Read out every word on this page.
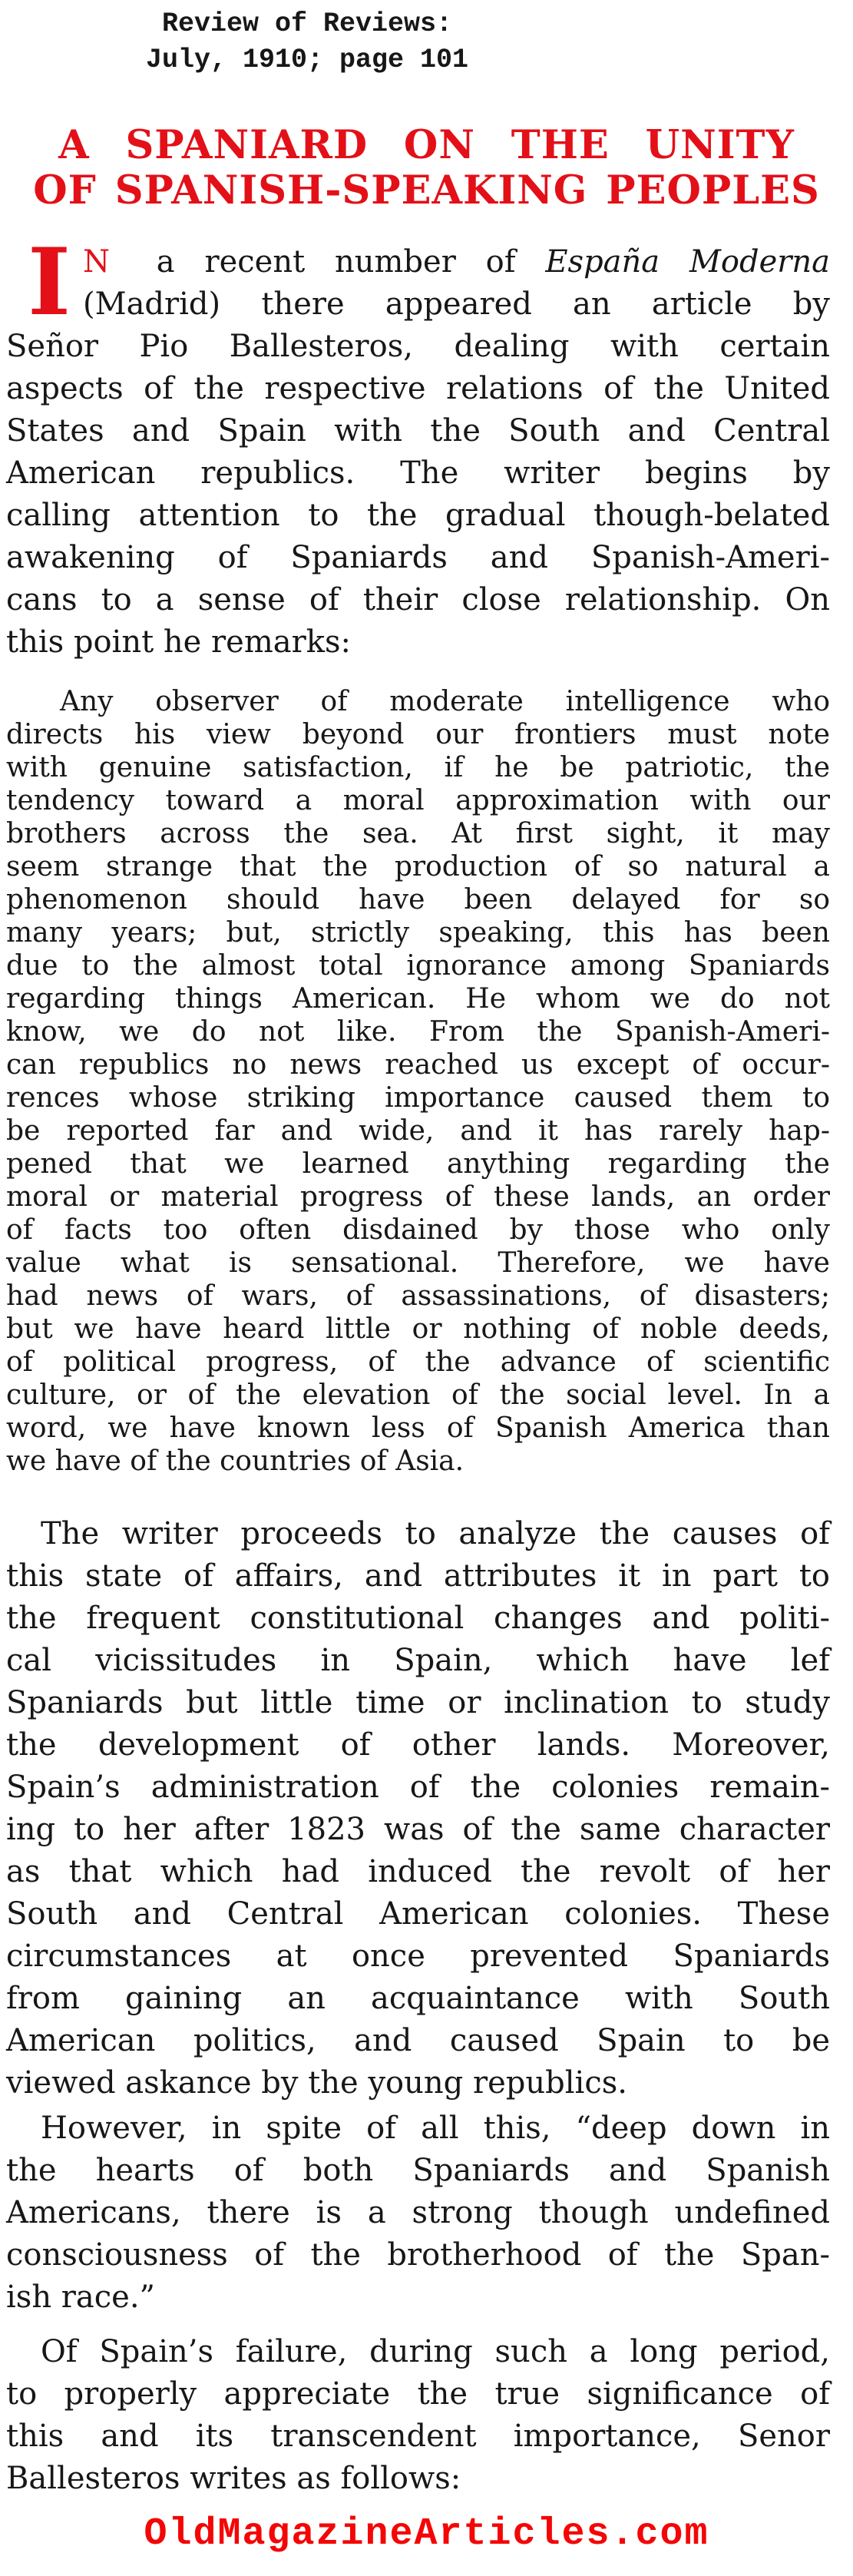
Review of Reviews:
July, 1910; page 101
A SPANIARD ON THE UNITY
OF SPANISH-SPEAKING PEOPLES
I N a recent number of España Moderna
(Madrid) there appeared an article by
Señor Pio Ballesteros, dealing with certain
aspects of the respective relations of the United
States and Spain with the South and Central
American republics. The writer begins by
calling attention to the gradual though-belated
awakening of Spaniards and Spanish-Ameri-
cans to a sense of their close relationship. On
this point he remarks:
Any observer of moderate intelligence who
directs his view beyond our frontiers must note
with genuine satisfaction, if he be patriotic, the
tendency toward a moral approximation with our
brothers across the sea. At first sight, it may
seem strange that the production of so natural a
phenomenon should have been delayed for so
many years; but, strictly speaking, this has been
due to the almost total ignorance among Spaniards
regarding things American. He whom we do not
know, we do not like. From the Spanish-Ameri-
can republics no news reached us except of occur-
rences whose striking importance caused them to
be reported far and wide, and it has rarely hap-
pened that we learned anything regarding the
moral or material progress of these lands, an order
of facts too often disdained by those who only
value what is sensational. Therefore, we have
had news of wars, of assassinations, of disasters;
but we have heard little or nothing of noble deeds,
of political progress, of the advance of scientific
culture, or of the elevation of the social level. In a
word, we have known less of Spanish America than
we have of the countries of Asia.
The writer proceeds to analyze the causes of
this state of affairs, and attributes it in part to
the frequent constitutional changes and politi-
cal vicissitudes in Spain, which have lef
Spaniards but little time or inclination to study
the development of other lands. Moreover,
Spain’s administration of the colonies remain-
ing to her after 1823 was of the same character
as that which had induced the revolt of her
South and Central American colonies. These
circumstances at once prevented Spaniards
from gaining an acquaintance with South
American politics, and caused Spain to be
viewed askance by the young republics.
However, in spite of all this, “deep down in
the hearts of both Spaniards and Spanish
Americans, there is a strong though undefined
consciousness of the brotherhood of the Span-
ish race.”
Of Spain’s failure, during such a long period,
to properly appreciate the true significance of
this and its transcendent importance, Senor
Ballesteros writes as follows:
OldMagazineArticles.com
